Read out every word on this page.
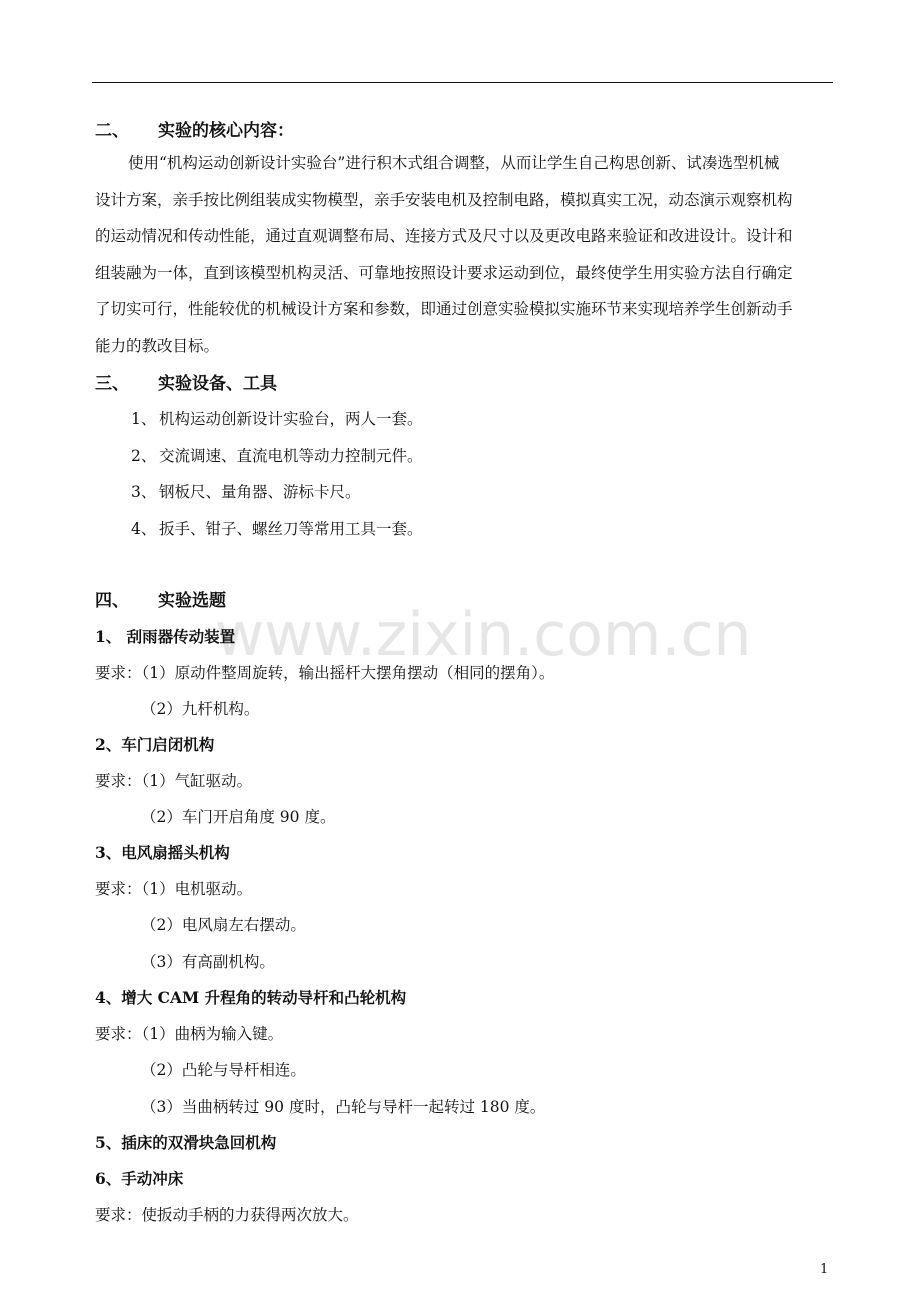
www.zixin.com.cn
二、 实验的核心内容：
使用“机构运动创新设计实验台”进行积木式组合调整，从而让学生自己构思创新、试凑选型机械
设计方案，亲手按比例组装成实物模型，亲手安装电机及控制电路，模拟真实工况，动态演示观察机构
的运动情况和传动性能，通过直观调整布局、连接方式及尺寸以及更改电路来验证和改进设计。设计和
组装融为一体，直到该模型机构灵活、可靠地按照设计要求运动到位，最终使学生用实验方法自行确定
了切实可行，性能较优的机械设计方案和参数，即通过创意实验模拟实施环节来实现培养学生创新动手
能力的教改目标。
三、 实验设备、工具
1、 机构运动创新设计实验台，两人一套。
2、 交流调速、直流电机等动力控制元件。
3、 钢板尺、量角器、游标卡尺。
4、 扳手、钳子、螺丝刀等常用工具一套。
四、 实验选题
1、 刮雨器传动装置
要求：（1）原动件整周旋转，输出摇杆大摆角摆动（相同的摆角）。
（2）九杆机构。
2、车门启闭机构
要求：（1）气缸驱动。
（2）车门开启角度 90 度。
3、电风扇摇头机构
要求：（1）电机驱动。
（2）电风扇左右摆动。
（3）有高副机构。
4、增大 CAM 升程角的转动导杆和凸轮机构
要求：（1）曲柄为输入键。
（2）凸轮与导杆相连。
（3）当曲柄转过 90 度时，凸轮与导杆一起转过 180 度。
5、插床的双滑块急回机构
6、手动冲床
要求：使扳动手柄的力获得两次放大。
1
